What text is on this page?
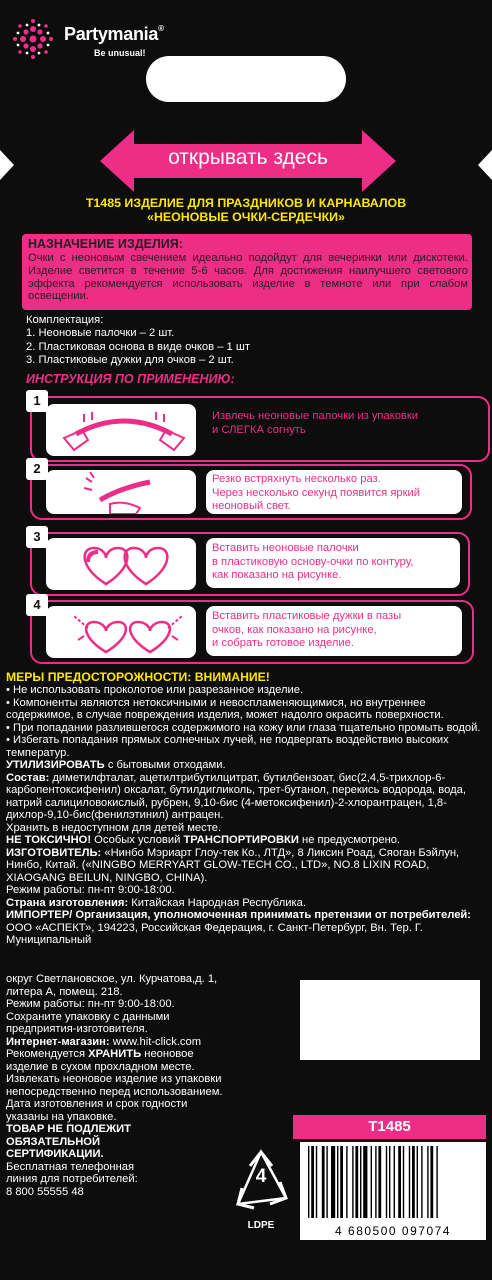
Partymania®
Be unusual!
открывать здесь
Т1485 ИЗДЕЛИЕ ДЛЯ ПРАЗДНИКОВ И КАРНАВАЛОВ
«НЕОНОВЫЕ ОЧКИ-СЕРДЕЧКИ»
НАЗНАЧЕНИЕ ИЗДЕЛИЯ:
Очки с неоновым свечением идеально подойдут для вечеринки или дискотеки. Изделие светится в течение 5-6 часов. Для достижения наилучшего светового эффекта рекомендуется использовать изделие в темноте или при слабом освещении.
Комплектация:
1. Неоновые палочки – 2 шт.
2. Пластиковая основа в виде очков – 1 шт
3. Пластиковые дужки для очков – 2 шт.
ИНСТРУКЦИЯ ПО ПРИМЕНЕНИЮ:
1
Извлечь неоновые палочки из упаковки
и СЛЕГКА согнуть
2
Резко встряхнуть несколько раз.
Через несколько секунд появится яркий
неоновый свет.
3
Вставить неоновые палочки
в пластиковую основу-очки по контуру,
как показано на рисунке.
4
Вставить пластиковые дужки в пазы
очков, как показано на рисунке,
и собрать готовое изделие.
МЕРЫ ПРЕДОСТОРОЖНОСТИ: ВНИМАНИЕ!

• Не использовать проколотое или разрезанное изделие.

• Компоненты являются нетоксичными и невоспламеняющимися, но внутреннее содержимое, в случае повреждения изделия, может надолго окрасить поверхности.

• При попадании разлившегося содержимого на кожу или глаза тщательно промыть водой.

• Избегать попадания прямых солнечных лучей, не подвергать воздействию высоких температур.

УТИЛИЗИРОВАТЬ с бытовыми отходами.

Состав: диметилфталат, ацетилтрибутилцитрат, бутилбензоат, бис(2,4,5-трихлор-6-карбопентоксифенил) оксалат, бутилдигликоль, трет-бутанол, перекись водорода, вода, натрий салициловокислый, рубрен, 9,10-бис (4-метоксифенил)-2-хлорантрацен, 1,8-дихлор-9,10-бис(фенилэтинил) антрацен.

Хранить в недоступном для детей месте.

НЕ ТОКСИЧНО! Особых условий ТРАНСПОРТИРОВКИ не предусмотрено.

ИЗГОТОВИТЕЛЬ: «Нинбо Мэриарт Глоу-тек Ко., ЛТД», 8 Ликсин Роад, Сяоган Бэйлун, Нинбо, Китай. («NINGBO MERRYART GLOW-TECH CO., LTD», NO.8 LIXIN ROAD, XIAOGANG BEILUN, NINGBO, CHINA).

Режим работы: пн-пт 9:00-18:00.

Страна изготовления: Китайская Народная Республика.

ИМПОРТЕР/ Организация, уполномоченная принимать претензии от потребителей: ООО «АСПЕКТ», 194223, Российская Федерация, г. Санкт-Петербург, Вн. Тер. Г. Муниципальный

округ Светлановское, ул. Курчатова,д. 1,

литера А, помещ. 218.

Режим работы: пн-пт 9:00-18:00.

Сохраните упаковку с данными

предприятия-изготовителя.

Интернет-магазин: www.hit-click.com

Рекомендуется ХРАНИТЬ неоновое

изделие в сухом прохладном месте.

Извлекать неоновое изделие из упаковки

непосредственно перед использованием.

Дата изготовления и срок годности

указаны на упаковке.

ТОВАР НЕ ПОДЛЕЖИТ

ОБЯЗАТЕЛЬНОЙ

СЕРТИФИКАЦИИ.

Бесплатная телефонная

линия для потребителей:

8 800 55555 48

Т1485
4 680500 097074
4
LDPE
